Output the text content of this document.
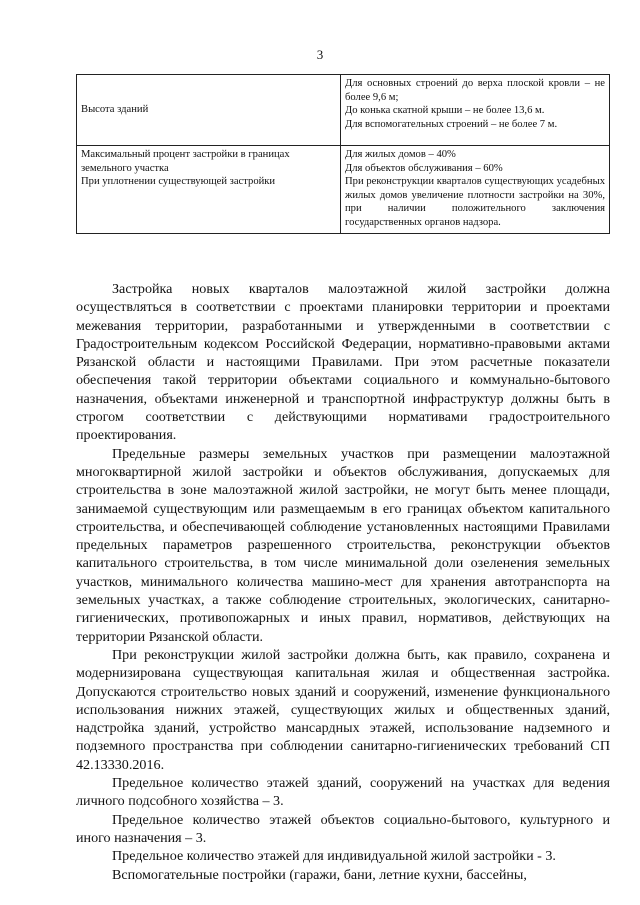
3
Высота зданий	Для основных строений до верха плоской кровли – не более 9,6 м;
До конька скатной крыши – не более 13,6 м.
Для вспомогательных строений – не более 7 м.

Максимальный процент застройки в границах земельного участка
При уплотнении существующей застройки	Для жилых домов – 40%
Для объектов обслуживания – 60%
При реконструкции кварталов существующих усадебных жилых домов увеличение плотности застройки на 30%, при наличии положительного заключения государственных органов надзора.

Застройка новых кварталов малоэтажной жилой застройки должна осуществляться в соответствии с проектами планировки территории и проектами межевания территории, разработанными и утвержденными в соответствии с Градостроительным кодексом Российской Федерации, нормативно-правовыми актами Рязанской области и настоящими Правилами. При этом расчетные показатели обеспечения такой территории объектами социального и коммунально-бытового назначения, объектами инженерной и транспортной инфраструктур должны быть в строгом соответствии с действующими нормативами градостроительного проектирования.

Предельные размеры земельных участков при размещении малоэтажной многоквартирной жилой застройки и объектов обслуживания, допускаемых для строительства в зоне малоэтажной жилой застройки, не могут быть менее площади, занимаемой существующим или размещаемым в его границах объектом капитального строительства, и обеспечивающей соблюдение установленных настоящими Правилами предельных параметров разрешенного строительства, реконструкции объектов капитального строительства, в том числе минимальной доли озеленения земельных участков, минимального количества машино-мест для хранения автотранспорта на земельных участках, а также соблюдение строительных, экологических, санитарно-гигиенических, противопожарных и иных правил, нормативов, действующих на территории Рязанской области.

При реконструкции жилой застройки должна быть, как правило, сохранена и модернизирована существующая капитальная жилая и общественная застройка. Допускаются строительство новых зданий и сооружений, изменение функционального использования нижних этажей, существующих жилых и общественных зданий, надстройка зданий, устройство мансардных этажей, использование надземного и подземного пространства при соблюдении санитарно-гигиенических требований СП 42.13330.2016.

Предельное количество этажей зданий, сооружений на участках для ведения личного подсобного хозяйства – 3.

Предельное количество этажей объектов социально-бытового, культурного и иного назначения – 3.

Предельное количество этажей для индивидуальной жилой застройки - 3.

Вспомогательные постройки (гаражи, бани, летние кухни, бассейны,
